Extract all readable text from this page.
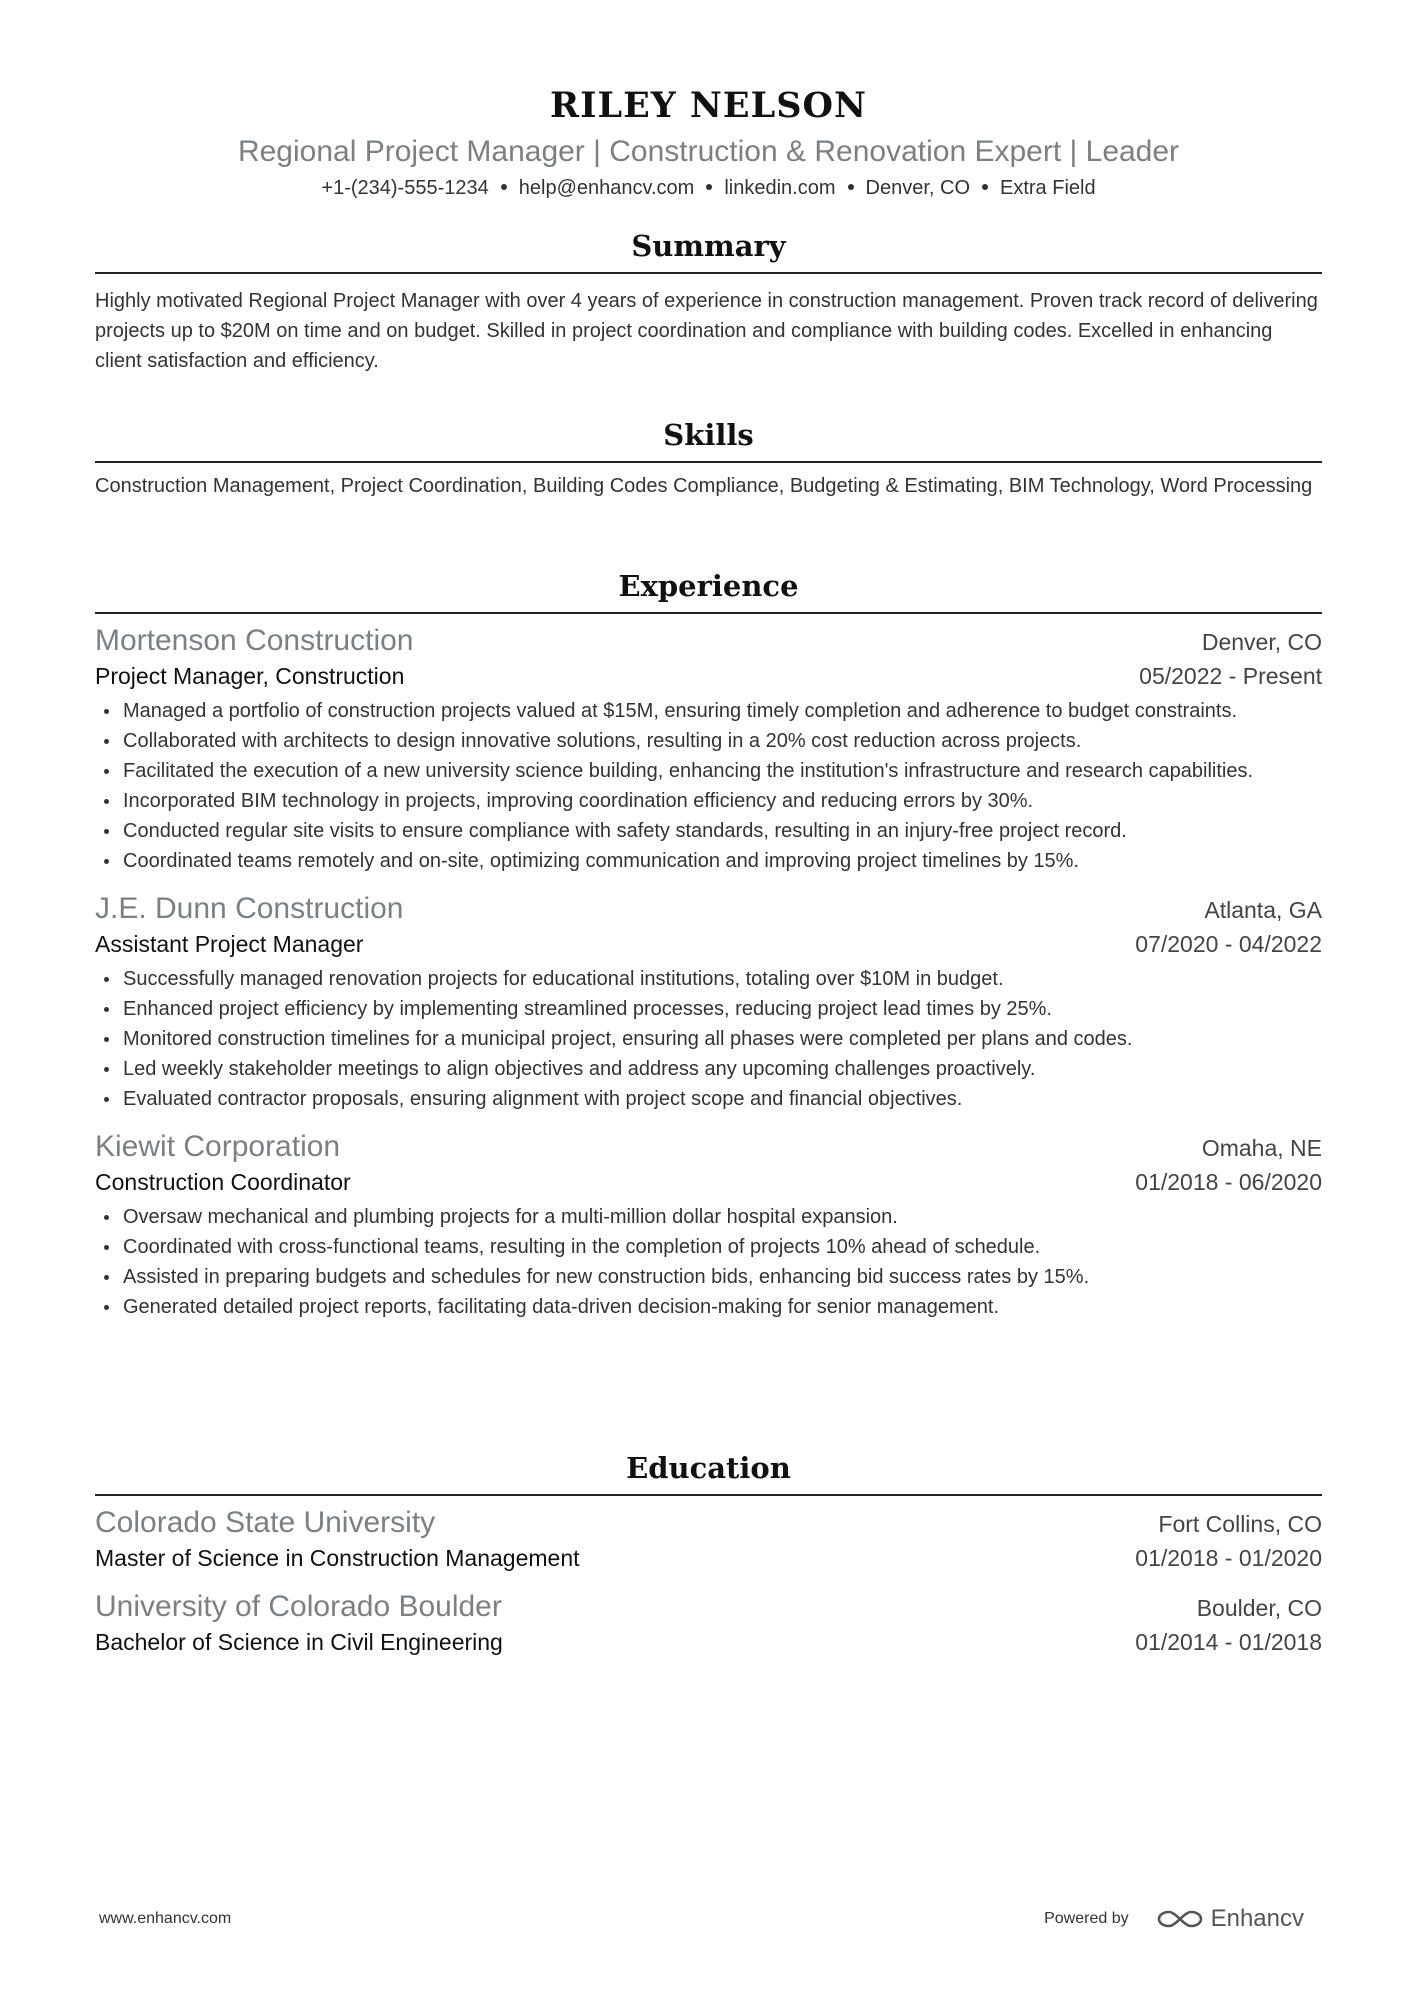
RILEY NELSON
Regional Project Manager | Construction & Renovation Expert | Leader
+1-(234)-555-1234 help@enhancv.com linkedin.com Denver, CO Extra Field
Summary
Highly motivated Regional Project Manager with over 4 years of experience in construction management. Proven track record of delivering projects up to $20M on time and on budget. Skilled in project coordination and compliance with building codes. Excelled in enhancing client satisfaction and efficiency.
Skills
Construction Management, Project Coordination, Building Codes Compliance, Budgeting & Estimating, BIM Technology, Word Processing
Experience
Mortenson Construction	Denver, CO
Project Manager, Construction	05/2022 - Present
Managed a portfolio of construction projects valued at $15M, ensuring timely completion and adherence to budget constraints.
Collaborated with architects to design innovative solutions, resulting in a 20% cost reduction across projects.
Facilitated the execution of a new university science building, enhancing the institution's infrastructure and research capabilities.
Incorporated BIM technology in projects, improving coordination efficiency and reducing errors by 30%.
Conducted regular site visits to ensure compliance with safety standards, resulting in an injury-free project record.
Coordinated teams remotely and on-site, optimizing communication and improving project timelines by 15%.
J.E. Dunn Construction	Atlanta, GA
Assistant Project Manager	07/2020 - 04/2022
Successfully managed renovation projects for educational institutions, totaling over $10M in budget.
Enhanced project efficiency by implementing streamlined processes, reducing project lead times by 25%.
Monitored construction timelines for a municipal project, ensuring all phases were completed per plans and codes.
Led weekly stakeholder meetings to align objectives and address any upcoming challenges proactively.
Evaluated contractor proposals, ensuring alignment with project scope and financial objectives.
Kiewit Corporation	Omaha, NE
Construction Coordinator	01/2018 - 06/2020
Oversaw mechanical and plumbing projects for a multi-million dollar hospital expansion.
Coordinated with cross-functional teams, resulting in the completion of projects 10% ahead of schedule.
Assisted in preparing budgets and schedules for new construction bids, enhancing bid success rates by 15%.
Generated detailed project reports, facilitating data-driven decision-making for senior management.
Education
Colorado State University	Fort Collins, CO
Master of Science in Construction Management	01/2018 - 01/2020
University of Colorado Boulder	Boulder, CO
Bachelor of Science in Civil Engineering	01/2014 - 01/2018
www.enhancv.com	Powered by	Enhancv
